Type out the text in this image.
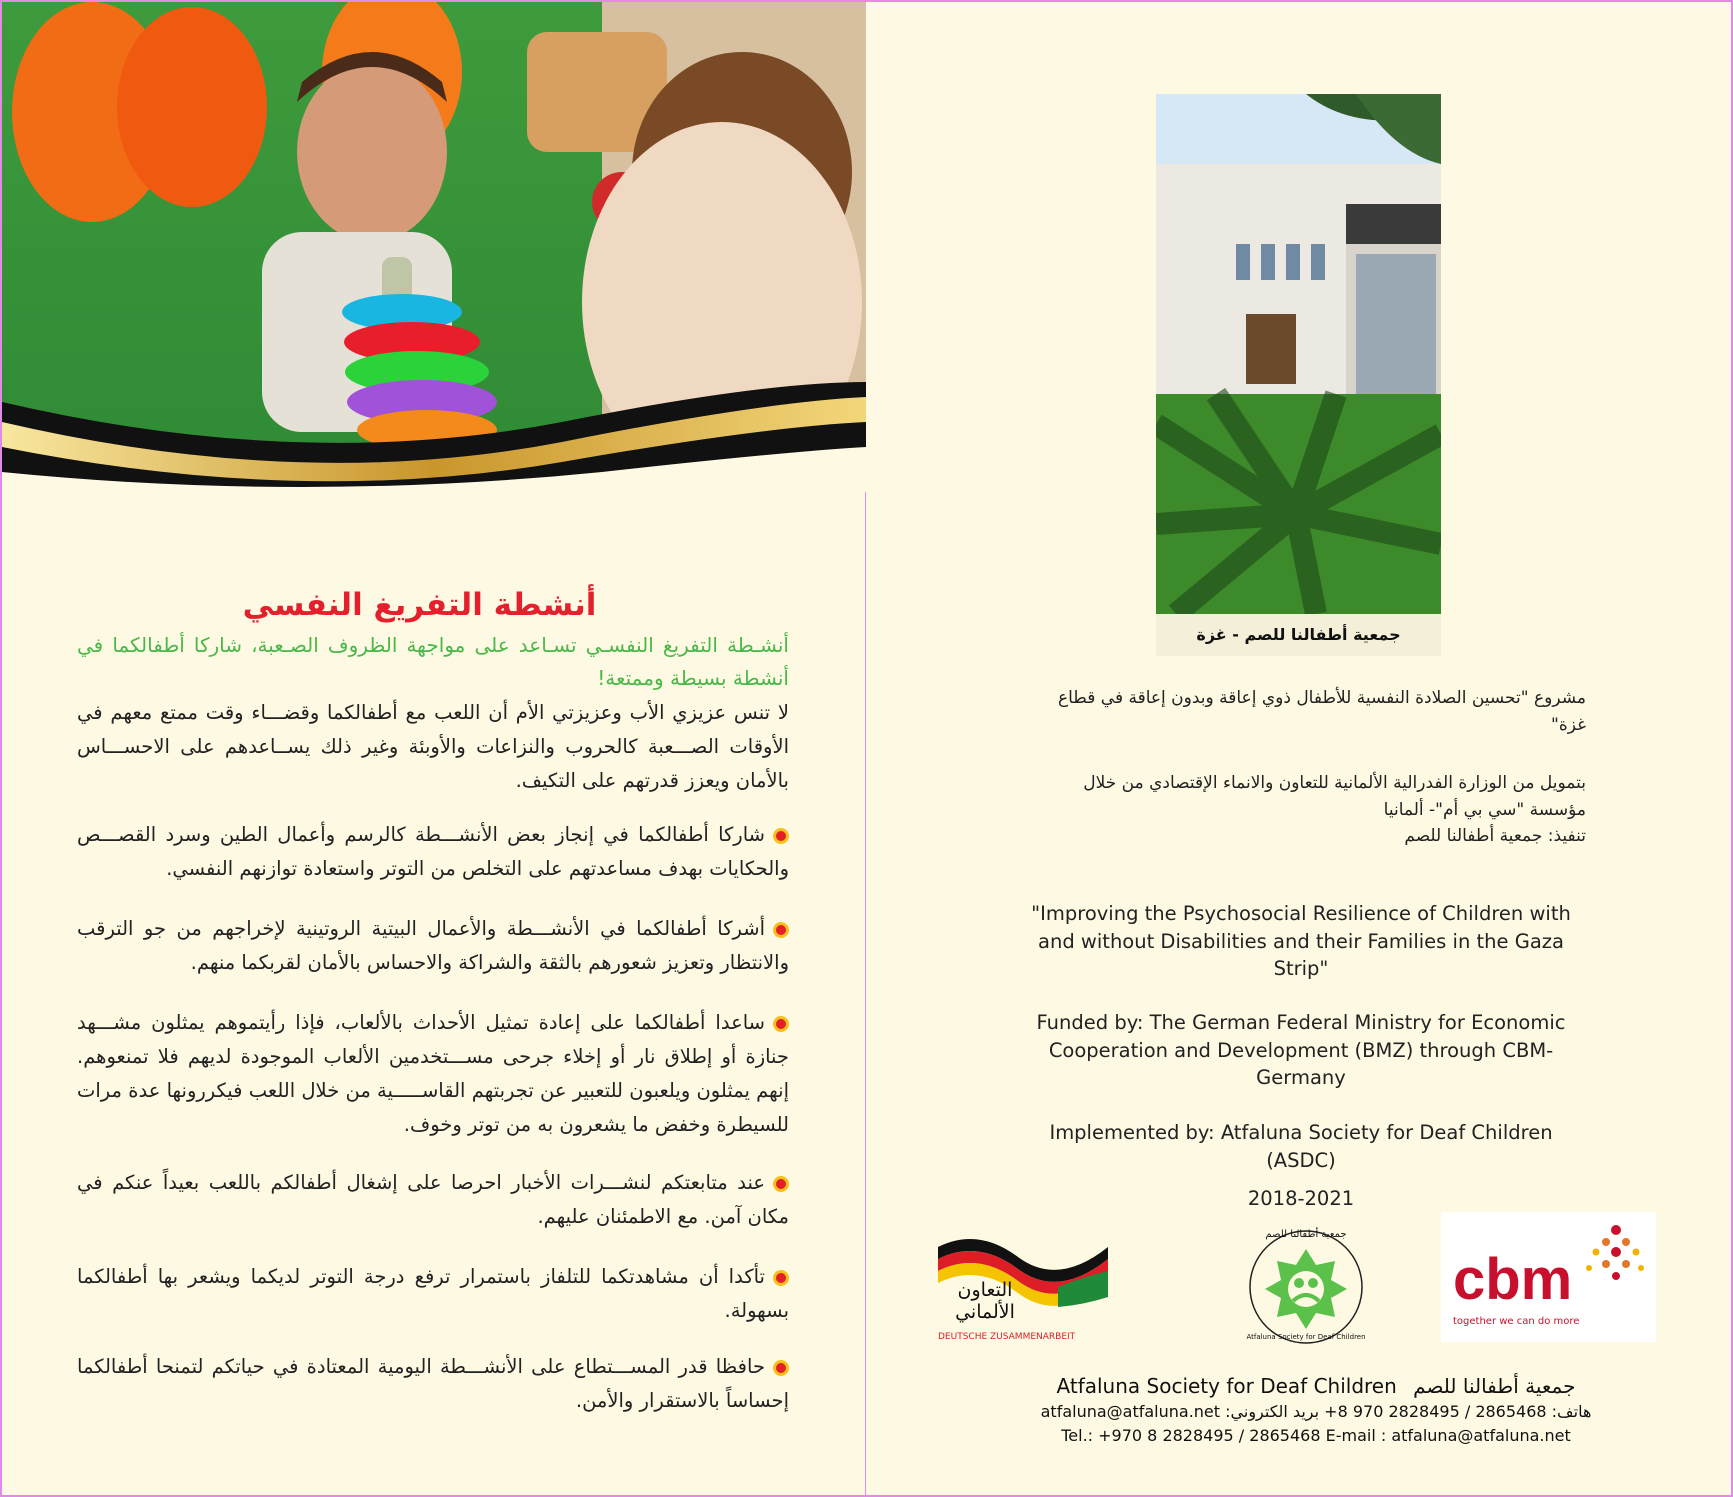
أنشطة التفريغ النفسي
أنشـطة التفريغ النفسـي تسـاعد على مواجهة الظروف الصـعبة، شاركا أطفالكما في أنشطة بسيطة وممتعة!
لا تنس عزيزي الأب وعزيزتي الأم أن اللعب مع أطفالكما وقضـــاء وقت ممتع معهم في الأوقات الصـــعبة كالحروب والنزاعات والأوبئة وغير ذلك يســاعدهم على الاحســـاس بالأمان ويعزز قدرتهم على التكيف.
شاركا أطفالكما في إنجاز بعض الأنشـــطة كالرسم وأعمال الطين وسرد القصـــص والحكايات بهدف مساعدتهم على التخلص من التوتر واستعادة توازنهم النفسي.
أشركا أطفالكما في الأنشـــطة والأعمال البيتية الروتينية لإخراجهم من جو الترقب والانتظار وتعزيز شعورهم بالثقة والشراكة والاحساس بالأمان لقربكما منهم.
ساعدا أطفالكما على إعادة تمثيل الأحداث بالألعاب، فإذا رأيتموهم يمثلون مشـــهد جنازة أو إطلاق نار أو إخلاء جرحى مســـتخدمين الألعاب الموجودة لديهم فلا تمنعوهم. إنهم يمثلون ويلعبون للتعبير عن تجربتهم القاســـــية من خلال اللعب فيكررونها عدة مرات للسيطرة وخفض ما يشعرون به من توتر وخوف.
عند متابعتكم لنشـــرات الأخبار احرصا على إشغال أطفالكم باللعب بعيداً عنكم في مكان آمن. مع الاطمئنان عليهم.
تأكدا أن مشاهدتكما للتلفاز باستمرار ترفع درجة التوتر لديكما ويشعر بها أطفالكما بسهولة.
حافظا قدر المســـتطاع على الأنشـــطة اليومية المعتادة في حياتكم لتمنحا أطفالكما إحساساً بالاستقرار والأمن.
جمعية أطفالنا للصم - غزة
مشروع "تحسين الصلادة النفسية للأطفال ذوي إعاقة وبدون إعاقة في قطاع غزة"
بتمويل من الوزارة الفدرالية الألمانية للتعاون والانماء الإقتصادي من خلال مؤسسة "سي بي أم"- ألمانيا
تنفيذ: جمعية أطفالنا للصم
"Improving the Psychosocial Resilience of Children with and without Disabilities and their Families in the Gaza Strip"
Funded by: The German Federal Ministry for Economic Cooperation and Development (BMZ) through CBM-Germany
Implemented by: Atfaluna Society for Deaf Children (ASDC)
2018-2021
التعاون الألماني
DEUTSCHE ZUSAMMENARBEIT
جمعية أطفالنا للصم
Atfaluna Society for Deaf Children
cbm
together we can do more
Atfaluna Society for Deaf Children جمعية أطفالنا للصم
هاتف: 2865468 / 2828495 970 8+ بريد الكتروني: atfaluna@atfaluna.net
Tel.: +970 8 2828495 / 2865468 E-mail : atfaluna@atfaluna.net
